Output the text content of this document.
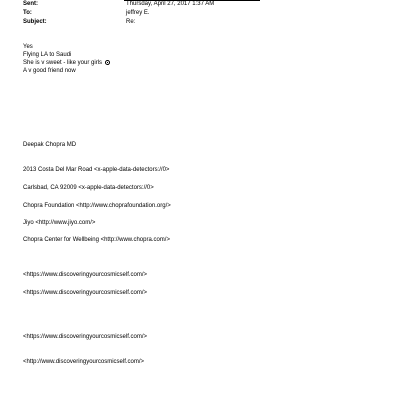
Sent:	Thursday, April 27, 2017 1:37 AM
To:	jeffrey E.
Subject:	Re:
Yes
Flying LA to Saudi
She is v sweet - like your girls
A v good friend now
Deepak Chopra MD
2013 Costa Del Mar Road <x-apple-data-detectors://0>
Carlsbad, CA 92009 <x-apple-data-detectors://0>
Chopra Foundation <http://www.choprafoundation.org/>
Jiyo <http://www.jiyo.com/>
Chopra Center for Wellbeing <http://www.chopra.com/>
<https://www.discoveringyourcosmicself.com/>
<https://www.discoveringyourcosmicself.com/>
<https://www.discoveringyourcosmicself.com/>
<http://www.discoveringyourcosmicself.com/>
